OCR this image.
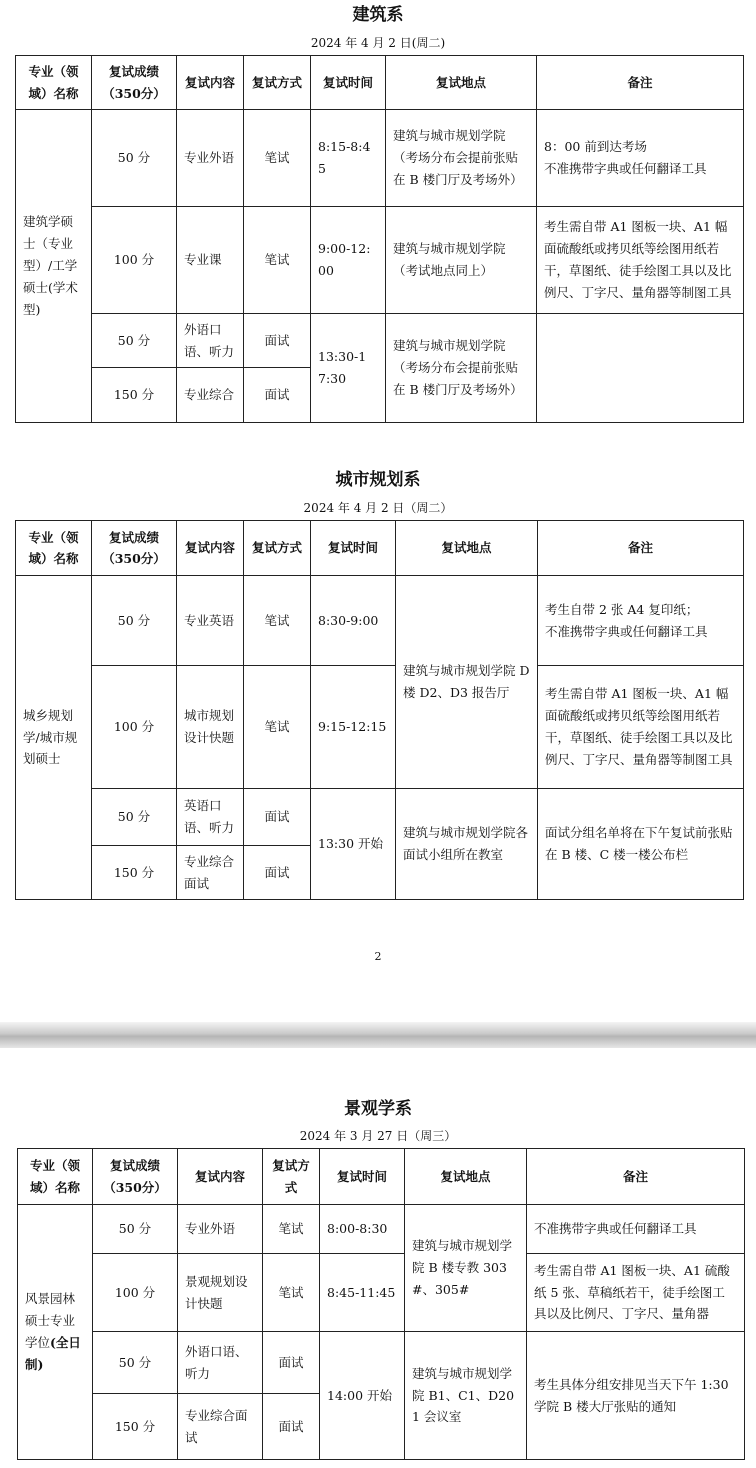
建筑系
2024 年 4 月 2 日(周二)
专业（领域）名称	复试成绩（350分）	复试内容	复试方式	复试时间	复试地点	备注
建筑学硕士（专业型）/工学硕士(学术型)	50 分	专业外语	笔试	8:15-8:45	建筑与城市规划学院（考场分布会提前张贴在 B 楼门厅及考场外）	8：00 前到达考场
不准携带字典或任何翻译工具
	100 分	专业课	笔试	9:00-12:00	建筑与城市规划学院（考试地点同上）	考生需自带 A1 图板一块、A1 幅面硫酸纸或拷贝纸等绘图用纸若干，草图纸、徒手绘图工具以及比例尺、丁字尺、量角器等制图工具
	50 分	外语口语、听力	面试	13:30-17:30	建筑与城市规划学院（考场分布会提前张贴在 B 楼门厅及考场外）	
	150 分	专业综合	面试			
城市规划系
2024 年 4 月 2 日（周二）
专业（领域）名称	复试成绩（350分）	复试内容	复试方式	复试时间	复试地点	备注
城乡规划学/城市规划硕士	50 分	专业英语	笔试	8:30-9:00	建筑与城市规划学院 D 楼 D2、D3 报告厅	考生自带 2 张 A4 复印纸；
不准携带字典或任何翻译工具
	100 分	城市规划设计快题	笔试	9:15-12:15		考生需自带 A1 图板一块、A1 幅面硫酸纸或拷贝纸等绘图用纸若干，草图纸、徒手绘图工具以及比例尺、丁字尺、量角器等制图工具
	50 分	英语口语、听力	面试	13:30 开始	建筑与城市规划学院各面试小组所在教室	面试分组名单将在下午复试前张贴在 B 楼、C 楼一楼公布栏
	150 分	专业综合面试	面试			
2
景观学系
2024 年 3 月 27 日（周三）
专业（领域）名称	复试成绩（350分）	复试内容	复试方式	复试时间	复试地点	备注
风景园林硕士专业学位(全日制)	50 分	专业外语	笔试	8:00-8:30	建筑与城市规划学院 B 楼专教 303#、305#	不准携带字典或任何翻译工具
	100 分	景观规划设计快题	笔试	8:45-11:45		考生需自带 A1 图板一块、A1 硫酸纸 5 张、草稿纸若干，徒手绘图工具以及比例尺、丁字尺、量角器
	50 分	外语口语、听力	面试	14:00 开始	建筑与城市规划学院 B1、C1、D201 会议室	考生具体分组安排见当天下午 1:30 学院 B 楼大厅张贴的通知
	150 分	专业综合面试	面试			
